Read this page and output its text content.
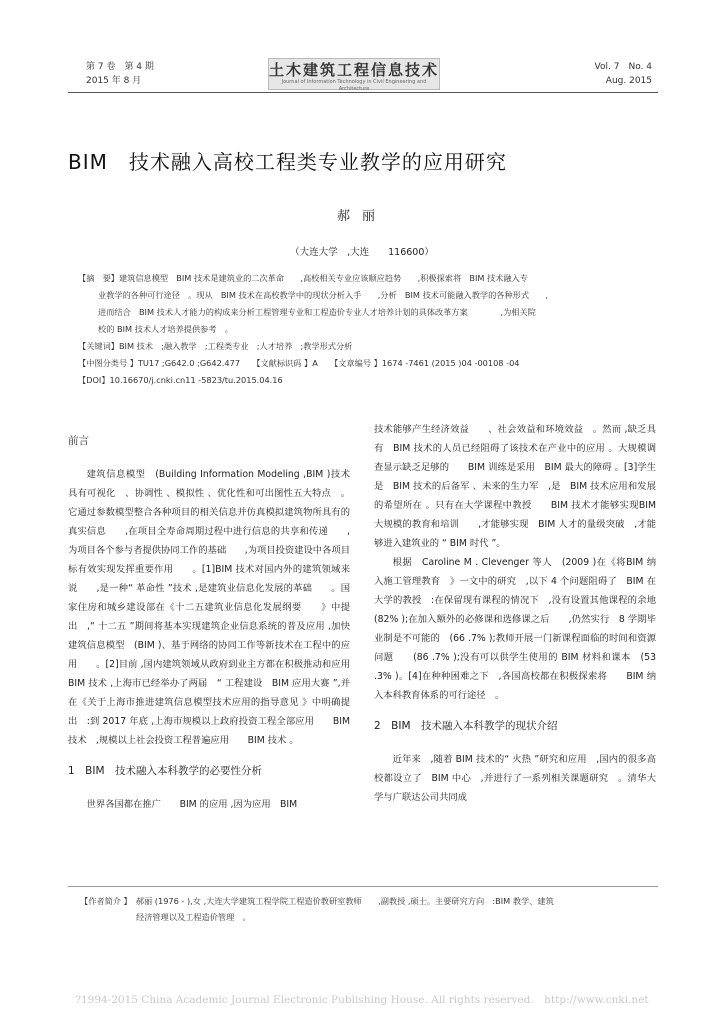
第 7 卷　第 4 期
2015 年 8 月
土木建筑工程信息技术
Journal of Information Technology in Civil Engineering and Architecture
Vol. 7　No. 4
Aug. 2015
BIM　技术融入高校工程类专业教学的应用研究
郝丽
（大连大学　,大连　　116600）

【摘　要】建筑信息模型　BIM 技术是建筑业的二次革命　　,高校相关专业应该顺应趋势　　,积极探索将　BIM 技术融入专

业教学的各种可行途径　。现从　BIM 技术在高校教学中的现状分析入手　　,分析　BIM 技术可能融入教学的各种形式　　,

进而结合　BIM 技术人才能力的构成来分析工程管理专业和工程造价专业人才培养计划的具体改革方案　　　　,为相关院

校的 BIM 技术人才培养提供参考　。

【关键词】BIM 技术　;融入教学　;工程类专业　;人才培养　;教学形式分析

【中图分类号 】TU17 ;G642.0 ;G642.477　　【文献标识码 】A　　【文章编号 】1674 -7461 (2015 )04 -00108 -04

【DOI】10.16670/j.cnki.cn11 -5823/tu.2015.04.16

前言

建筑信息模型　(Building Information Modeling ,BIM )技术具有可视化　、协调性 、模拟性 、优化性和可出图性五大特点　。它通过参数模型整合各种项目的相关信息并仿真模拟建筑物所具有的真实信息　　,在项目全寿命周期过程中进行信息的共享和传递　　,为项目各个参与者提供协同工作的基础　　,为项目投资建设中各项目标有效实现发挥重要作用　　。[1]BIM 技术对国内外的建筑领域来说　　,是一种“ 革命性 ”技术 ,是建筑业信息化发展的革础　　。国家住房和城乡建设部在《十二五建筑业信息化发展纲要　　》中提出　,“ 十二五 ”期间将基本实现建筑企业信息系统的普及应用 ,加快建筑信息模型　(BIM )、基于网络的协同工作等新技术在工程中的应用　　。[2]目前 ,国内建筑领域从政府到业主方都在积极推动和应用　　BIM 技术 ,上海市已经举办了两届　“ 工程建设　BIM 应用大赛 ”,并在《关于上海市推进建筑信息模型技术应用的指导意见 》中明确提出　:到 2017 年底 ,上海市规模以上政府投资工程全部应用　　BIM 技术　,规模以上社会投资工程普遍应用　　BIM 技术 。

1　BIM　技术融入本科教学的必要性分析

世界各国都在推广　　BIM 的应用 ,因为应用　BIM

技术能够产生经济效益　　、社会效益和环境效益　。然而 ,缺乏具有　BIM 技术的人员已经阻碍了该技术在产业中的应用 。大规模调查显示缺乏足够的　　BIM 训练是采用　BIM 最大的障碍 。[3]学生是　BIM 技术的后备军 、未来的生力军　,是　BIM 技术应用和发展的希望所在 。只有在大学课程中教授　　BIM 技术才能够实现BIM 大规模的教育和培训　　,才能够实现　BIM 人才的量级突破　,才能够进入建筑业的 “ BIM 时代 ”。

根据　Caroline M . Clevenger 等人　(2009 )在《将BIM 纳入施工管理教育　》一文中的研究　,以下 4 个问题阻碍了　BIM 在大学的教授　:在保留现有课程的情况下　,没有设置其他课程的余地　　(82% );在加入额外的必修课和选修课之后　　,仍然实行　8 学期毕业制是不可能的　(66 .7% );教师开展一门新课程面临的时间和资源问题　　(86 .7% );没有可以供学生使用的 BIM 材料和课本　(53 .3% )。[4]在种种困难之下　,各国高校都在积极探索将　　BIM 纳入本科教育体系的可行途径　。

2　BIM　技术融入本科教学的现状介绍

近年来　,随着 BIM 技术的“ 火热 ”研究和应用　,国内的很多高校都设立了　BIM 中心　,并进行了一系列相关课题研究　。清华大学与广联达公司共同成

【作者简介 】　郝丽 (1976 - ),女 ,大连大学建筑工程学院工程造价教研室教师　　,副教授 ,硕士。主要研究方向　:BIM 教学、建筑
经济管理以及工程造价管理　。
?1994-2015 China Academic Journal Electronic Publishing House. All rights reserved.　http://www.cnki.net
